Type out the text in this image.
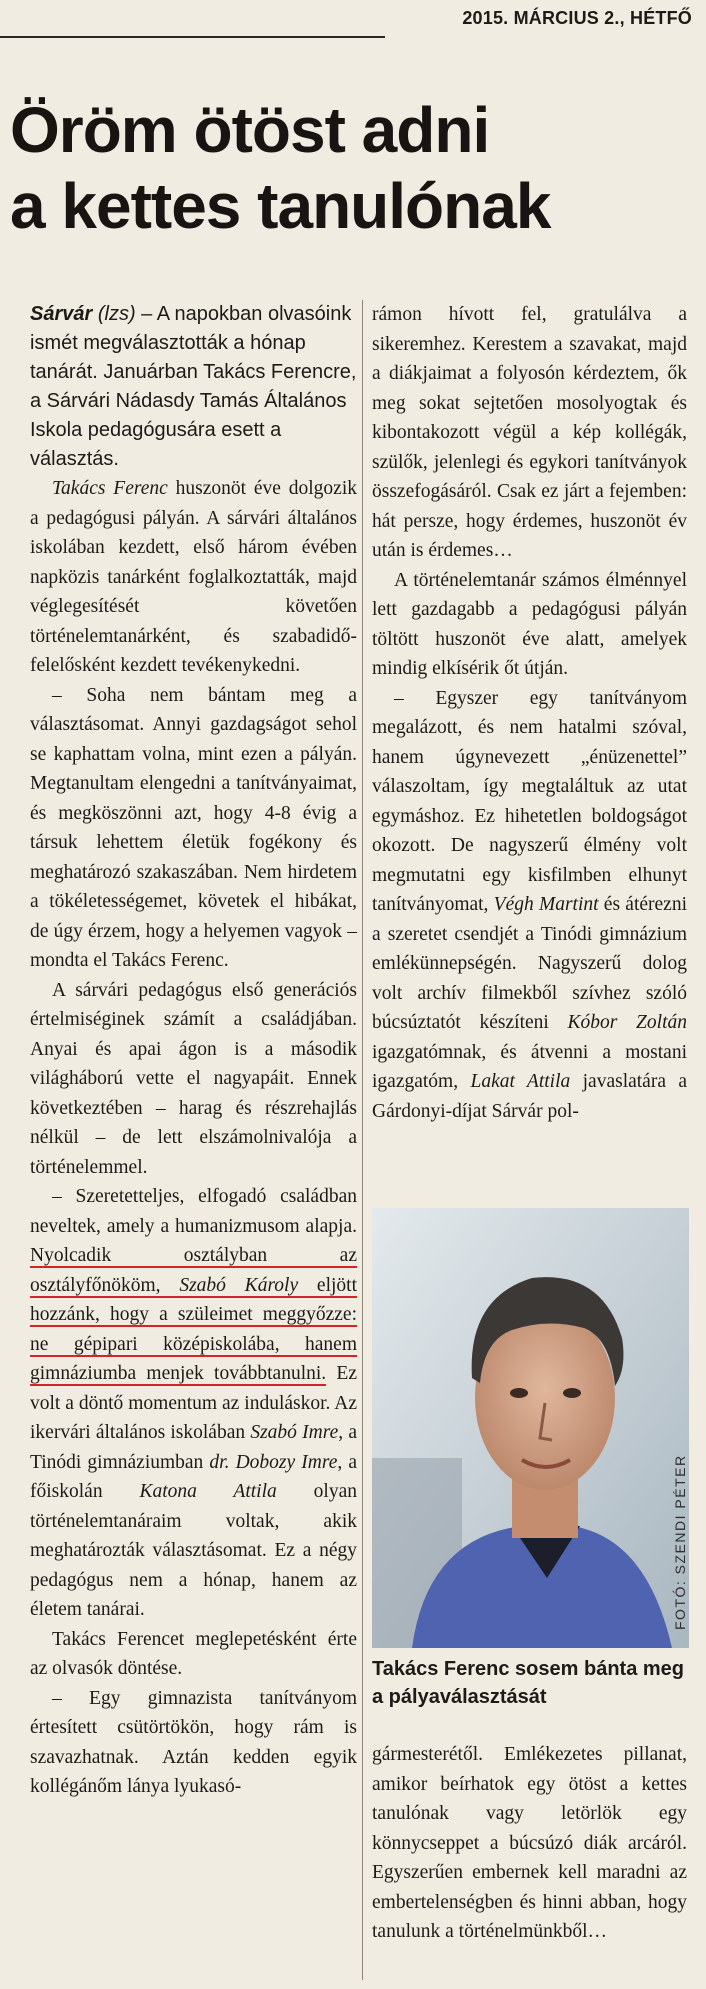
2015. MÁRCIUS 2., HÉTFŐ
Öröm ötöst adni
a kettes tanulónak

Sárvár (lzs) – A napokban olvasóink ismét megválasztották a hónap tanárát. Januárban Takács Ferencre, a Sárvári Nádasdy Tamás Általános Iskola pedagógusára esett a választás.

Takács Ferenc huszonöt éve dolgozik a pedagógusi pályán. A sárvári általános iskolában kezdett, első három évében napközis tanárként foglalkoztatták, majd véglegesítését követően történelemtanárként, és szabadidő-felelősként kezdett tevékenykedni.

– Soha nem bántam meg a választásomat. Annyi gazdagságot sehol se kaphattam volna, mint ezen a pályán. Megtanultam elengedni a tanítványaimat, és megköszönni azt, hogy 4-8 évig a társuk lehettem életük fogékony és meghatározó szakaszában. Nem hirdetem a tökéletességemet, követek el hibákat, de úgy érzem, hogy a helyemen vagyok – mondta el Takács Ferenc.

A sárvári pedagógus első generációs értelmiséginek számít a családjában. Anyai és apai ágon is a második világháború vette el nagyapáit. Ennek következtében – harag és részrehajlás nélkül – de lett elszámolnivalója a történelemmel.

– Szeretetteljes, elfogadó családban neveltek, amely a humanizmusom alapja. Nyolcadik osztályban az osztályfőnököm, Szabó Károly eljött hozzánk, hogy a szüleimet meggyőzze: ne gépipari középiskolába, hanem gimnáziumba menjek továbbtanulni. Ez volt a döntő momentum az induláskor. Az ikervári általános iskolában Szabó Imre, a Tinódi gimnáziumban dr. Dobozy Imre, a főiskolán Katona Attila olyan történelemtanáraim voltak, akik meghatározták választásomat. Ez a négy pedagógus nem a hónap, hanem az életem tanárai.

Takács Ferencet meglepetésként érte az olvasók döntése.

– Egy gimnazista tanítványom értesített csütörtökön, hogy rám is szavazhatnak. Aztán kedden egyik kollégánőm lánya lyukasó-

rámon hívott fel, gratulálva a sikeremhez. Kerestem a szavakat, majd a diákjaimat a folyosón kérdeztem, ők meg sokat sejtetően mosolyogtak és kibontakozott végül a kép kollégák, szülők, jelenlegi és egykori tanítványok összefogásáról. Csak ez járt a fejemben: hát persze, hogy érdemes, huszonöt év után is érdemes…

A történelemtanár számos élménnyel lett gazdagabb a pedagógusi pályán töltött huszonöt éve alatt, amelyek mindig elkísérik őt útján.

– Egyszer egy tanítványom megalázott, és nem hatalmi szóval, hanem úgynevezett „énüzenettel” válaszoltam, így megtaláltuk az utat egymáshoz. Ez hihetetlen boldogságot okozott. De nagyszerű élmény volt megmutatni egy kisfilmben elhunyt tanítványomat, Végh Martint és átérezni a szeretet csendjét a Tinódi gimnázium emlékünnepségén. Nagyszerű dolog volt archív filmekből szívhez szóló búcsúztatót készíteni Kóbor Zoltán igazgatómnak, és átvenni a mostani igazgatóm, Lakat Attila javaslatára a Gárdonyi-díjat Sárvár pol-

FOTÓ: SZENDI PÉTER
Takács Ferenc sosem bánta meg a pályaválasztását

gármesterétől. Emlékezetes pillanat, amikor beírhatok egy ötöst a kettes tanulónak vagy letörlök egy könnycseppet a búcsúzó diák arcáról. Egyszerűen embernek kell maradni az embertelenségben és hinni abban, hogy tanulunk a történelmünkből…
